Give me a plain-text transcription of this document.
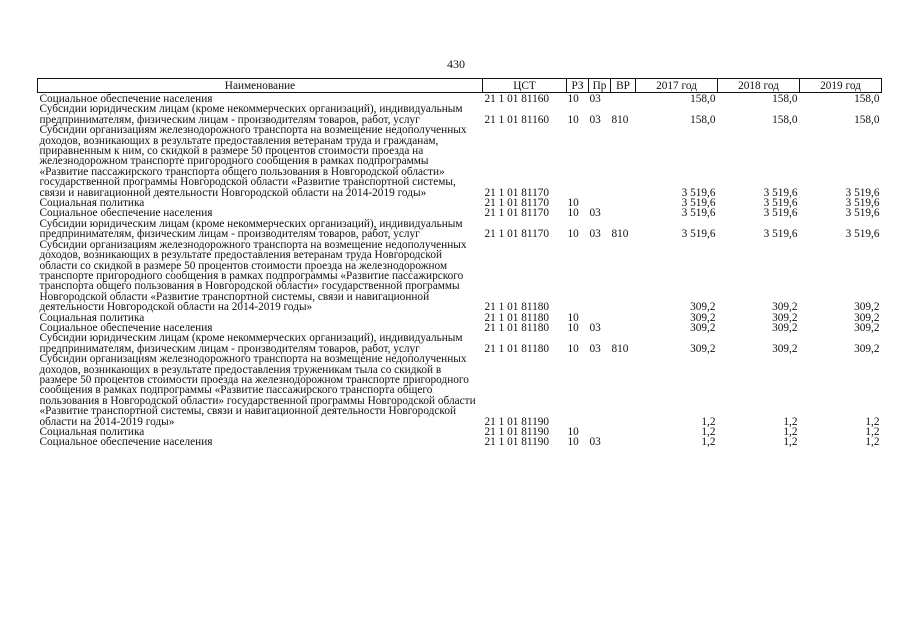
430
Наименование	ЦСТ	РЗ	Пр	ВР	2017 год	2018 год	2019 год
Социальное обеспечение населения	21 1 01 81160	10	03		158,0	158,0	158,0
Субсидии юридическим лицам (кроме некоммерческих организаций), индивидуальным предпринимателям, физическим лицам - производителям товаров, работ, услуг	21 1 01 81160	10	03	810	158,0	158,0	158,0
Субсидии организациям железнодорожного транспорта на возмещение недополученных доходов, возникающих в результате предоставления ветеранам труда и гражданам, приравненным к ним, со скидкой в размере 50 процентов стоимости проезда на железнодорожном транспорте пригородного сообщения в рамках подпрограммы «Развитие пассажирского транспорта общего пользования в Новгородской области» государственной программы Новгородской области «Развитие транспортной системы, связи и навигационной деятельности Новгородской области на 2014-2019 годы»	21 1 01 81170				3 519,6	3 519,6	3 519,6
Социальная политика	21 1 01 81170	10			3 519,6	3 519,6	3 519,6
Социальное обеспечение населения	21 1 01 81170	10	03		3 519,6	3 519,6	3 519,6
Субсидии юридическим лицам (кроме некоммерческих организаций), индивидуальным предпринимателям, физическим лицам - производителям товаров, работ, услуг	21 1 01 81170	10	03	810	3 519,6	3 519,6	3 519,6
Субсидии организациям железнодорожного транспорта на возмещение недополученных доходов, возникающих в результате предоставления ветеранам труда Новгородской области со скидкой в размере 50 процентов стоимости проезда на железнодорожном транспорте пригородного сообщения в рамках подпрограммы «Развитие пассажирского транспорта общего пользования в Новгородской области» государственной программы Новгородской области «Развитие транспортной системы, связи и навигационной деятельности Новгородской области на 2014-2019 годы»	21 1 01 81180				309,2	309,2	309,2
Социальная политика	21 1 01 81180	10			309,2	309,2	309,2
Социальное обеспечение населения	21 1 01 81180	10	03		309,2	309,2	309,2
Субсидии юридическим лицам (кроме некоммерческих организаций), индивидуальным предпринимателям, физическим лицам - производителям товаров, работ, услуг	21 1 01 81180	10	03	810	309,2	309,2	309,2
Субсидии организациям железнодорожного транспорта на возмещение недополученных доходов, возникающих в результате предоставления труженикам тыла со скидкой в размере 50 процентов стоимости проезда на железнодорожном транспорте пригородного сообщения в рамках подпрограммы «Развитие пассажирского транспорта общего пользования в Новгородской области» государственной программы Новгородской области «Развитие транспортной системы, связи и навигационной деятельности Новгородской области на 2014-2019 годы»	21 1 01 81190				1,2	1,2	1,2
Социальная политика	21 1 01 81190	10			1,2	1,2	1,2
Социальное обеспечение населения	21 1 01 81190	10	03		1,2	1,2	1,2
